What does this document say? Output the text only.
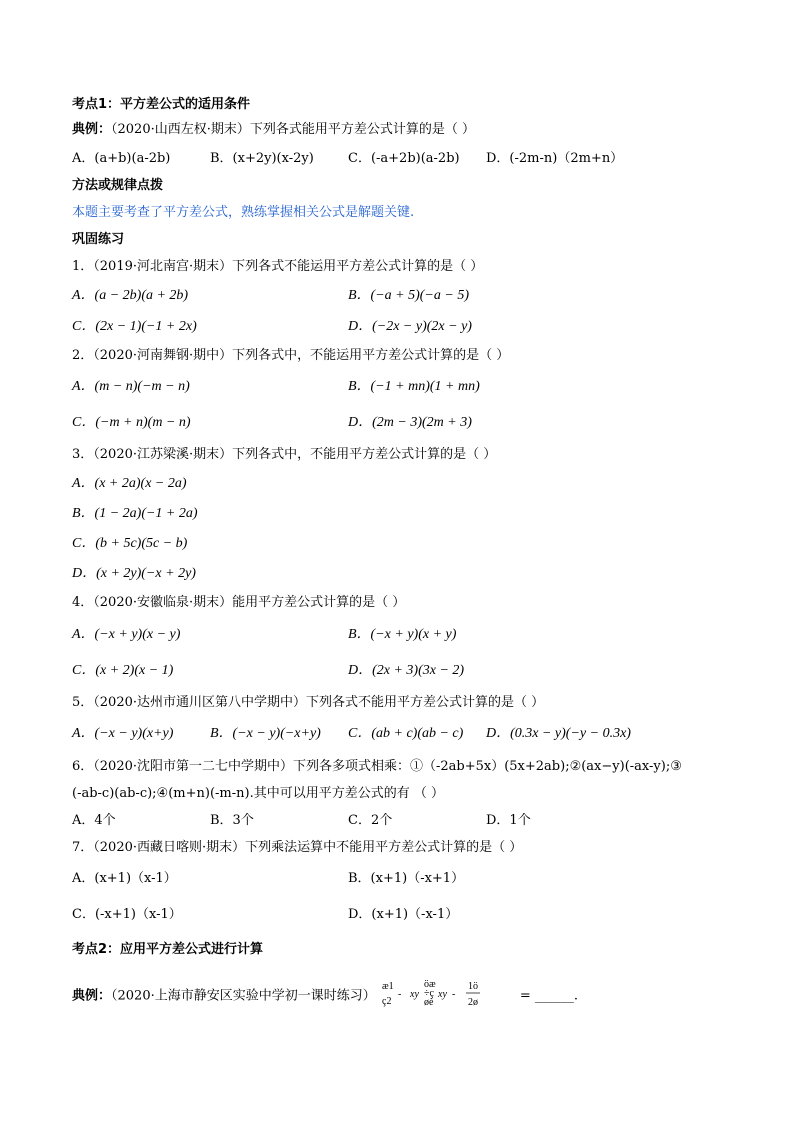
考点1：平方差公式的适用条件
典例：（2020·山西左权·期末）下列各式能用平方差公式计算的是（ ）
A．(a+b)(a-2b)	B．(x+2y)(x-2y)	C．(-a+2b)(a-2b) D．(-2m-n)（2m+n）
方法或规律点拨
本题主要考查了平方差公式，熟练掌握相关公式是解题关键.
巩固练习
1．（2019·河北南宫·期末）下列各式不能运用平方差公式计算的是（ ）
A．(a − 2b)(a + 2b)	B．(−a + 5)(−a − 5)
C．(2x − 1)(−1 + 2x)	D．(−2x − y)(2x − y)
2．（2020·河南舞钢·期中）下列各式中，不能运用平方差公式计算的是（ ）
A．(m − n)(−m − n)	B．(−1 + mn)(1 + mn)
C．(−m + n)(m − n)	D．(2m − 3)(2m + 3)
3．（2020·江苏梁溪·期末）下列各式中，不能用平方差公式计算的是（ ）
A．(x + 2a)(x − 2a)
B．(1 − 2a)(−1 + 2a)
C．(b + 5c)(5c − b)
D．(x + 2y)(−x + 2y)
4．（2020·安徽临泉·期末）能用平方差公式计算的是（ ）
A．(−x + y)(x − y)	B．(−x + y)(x + y)
C．(x + 2)(x − 1)	D．(2x + 3)(3x − 2)
5．（2020·达州市通川区第八中学期中）下列各式不能用平方差公式计算的是（ ）
A．(−x − y)(x+y)	B．(−x − y)(−x+y) C．(ab + c)(ab − c) D．(0.3x − y)(−y − 0.3x)
6．（2020·沈阳市第一二七中学期中）下列各多项式相乘：①（-2ab+5x）(5x+2ab);②(ax−y)(-ax-y);③
(-ab-c)(ab-c);④(m+n)(-m-n).其中可以用平方差公式的有 （ ）
A．4个	B．3个	C．2个	D．1个
7．（2020·西藏日喀则·期末）下列乘法运算中不能用平方差公式计算的是（ ）
A．(x+1)（x-1）	B．(x+1)（-x+1）
C．(-x+1)（x-1）	D．(x+1)（-x-1）
考点2：应用平方差公式进行计算
典例：（2020·上海市静安区实验中学初一课时练习）
æ1
ç2
- xy
öæ
÷ç
øè
xy -
1ö
2ø	= ______.
